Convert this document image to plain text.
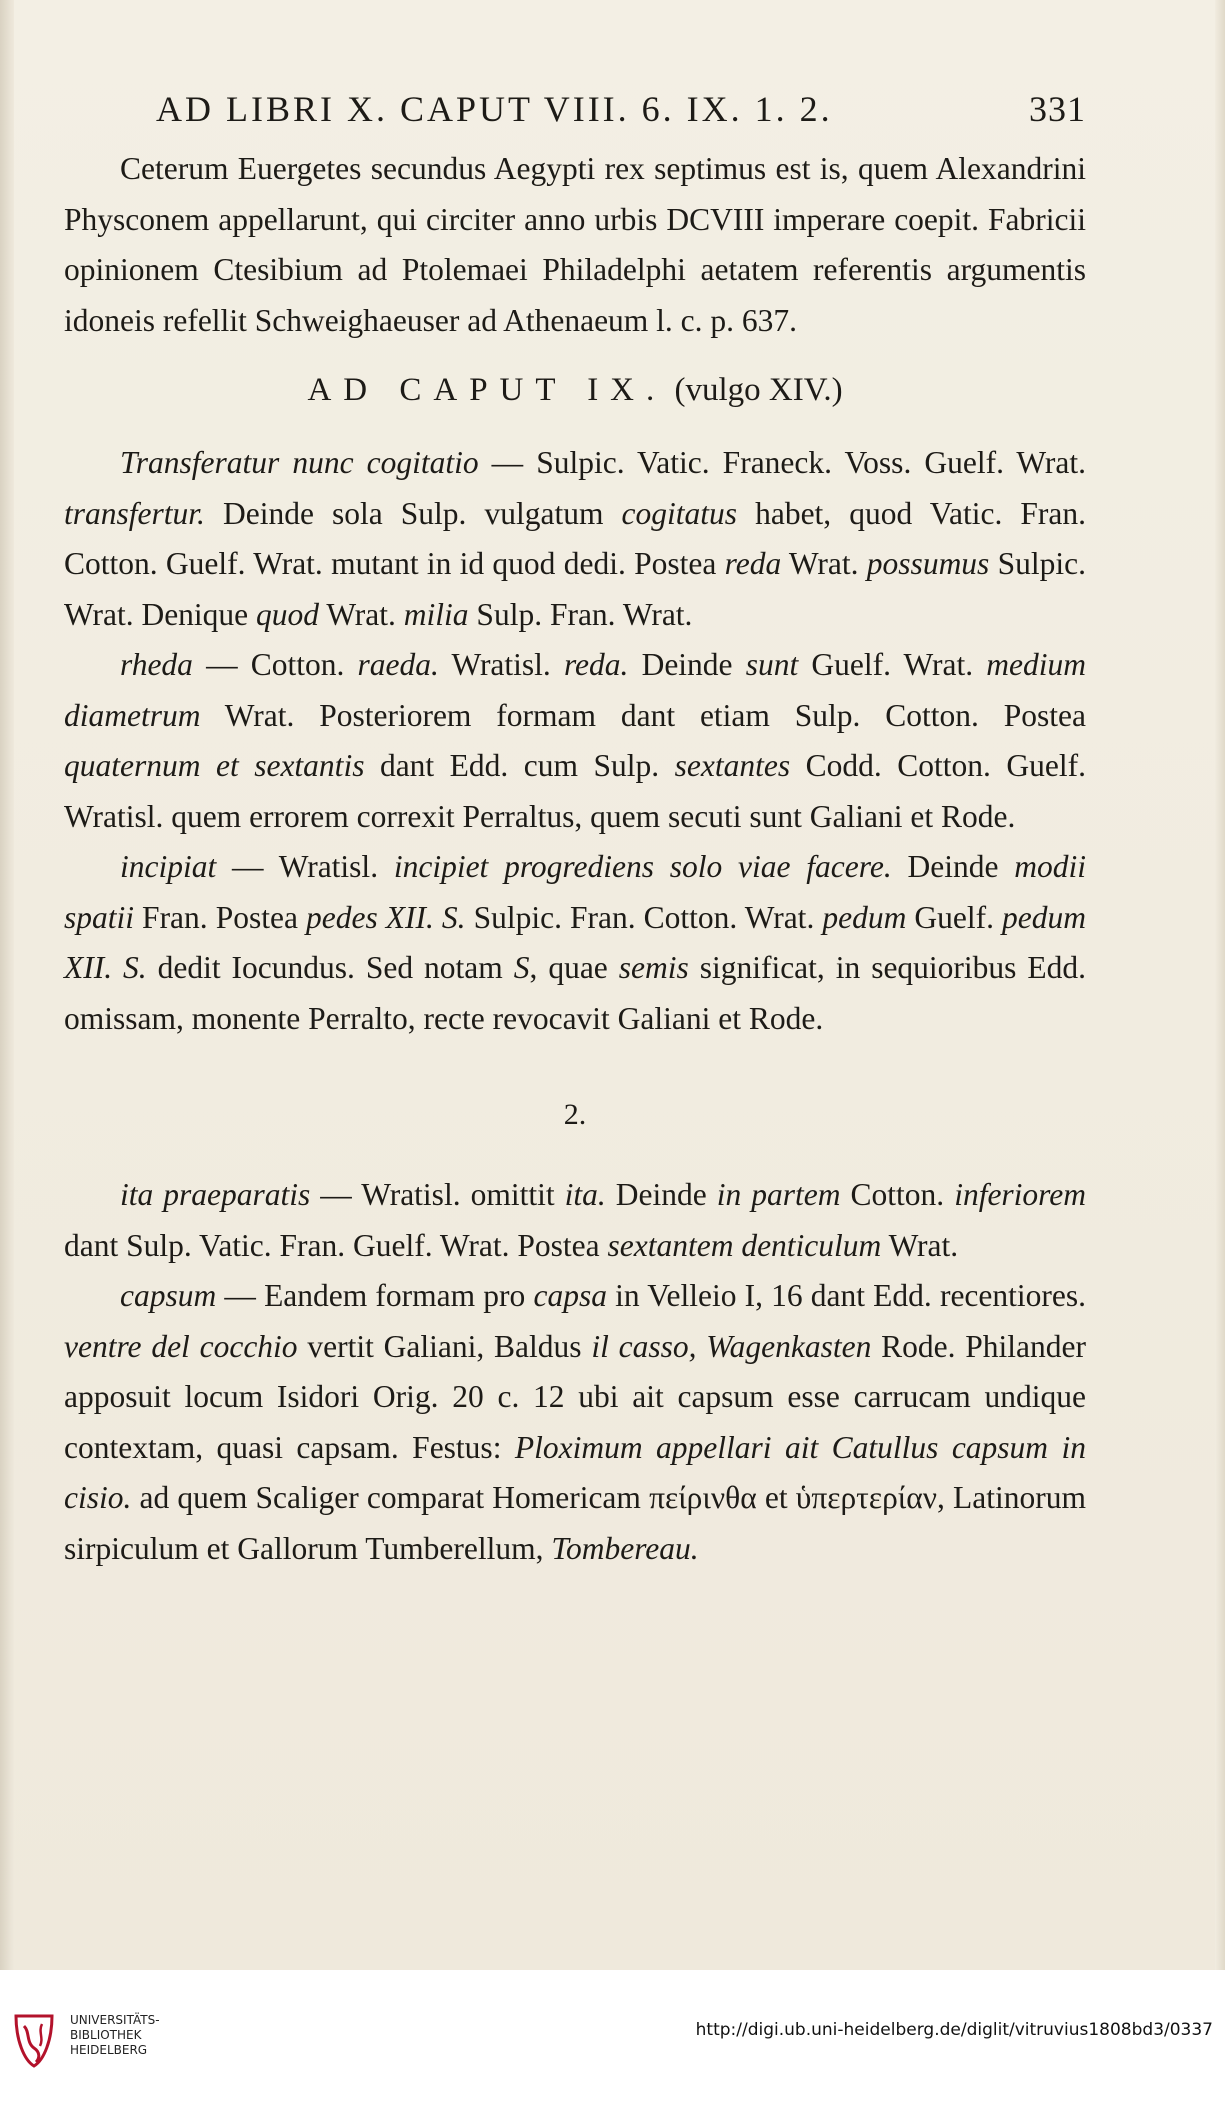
AD LIBRI X. CAPUT VIII. 6. IX. 1. 2.	331

Ceterum Euergetes secundus Aegypti rex septimus est is, quem Alexandrini Physconem appellarunt, qui circiter anno urbis DCVIII imperare coepit. Fabricii opinionem Ctesibium ad Ptolemaei Philadelphi aetatem referentis argumentis idoneis refellit Schweighaeuser ad Athenaeum l. c. p. 637.

AD CAPUT IX. (vulgo XIV.)

Transferatur nunc cogitatio — Sulpic. Vatic. Franeck. Voss. Guelf. Wrat. transfertur. Deinde sola Sulp. vulgatum cogitatus habet, quod Vatic. Fran. Cotton. Guelf. Wrat. mutant in id quod dedi. Postea reda Wrat. possumus Sulpic. Wrat. Denique quod Wrat. milia Sulp. Fran. Wrat.

rheda — Cotton. raeda. Wratisl. reda. Deinde sunt Guelf. Wrat. medium diametrum Wrat. Posteriorem formam dant etiam Sulp. Cotton. Postea quaternum et sextantis dant Edd. cum Sulp. sextantes Codd. Cotton. Guelf. Wratisl. quem errorem correxit Perraltus, quem secuti sunt Galiani et Rode.

incipiat — Wratisl. incipiet progrediens solo viae facere. Deinde modii spatii Fran. Postea pedes XII. S. Sulpic. Fran. Cotton. Wrat. pedum Guelf. pedum XII. S. dedit Iocundus. Sed notam S, quae semis significat, in sequioribus Edd. omissam, monente Perralto, recte revocavit Galiani et Rode.

2.

ita praeparatis — Wratisl. omittit ita. Deinde in partem Cotton. inferiorem dant Sulp. Vatic. Fran. Guelf. Wrat. Postea sextantem denticulum Wrat.

capsum — Eandem formam pro capsa in Velleio I, 16 dant Edd. recentiores. ventre del cocchio vertit Galiani, Baldus il casso, Wagenkasten Rode. Philander apposuit locum Isidori Orig. 20 c. 12 ubi ait capsum esse carrucam undique contextam, quasi capsam. Festus: Ploximum appellari ait Catullus capsum in cisio. ad quem Scaliger comparat Homericam πείρινθα et ὑπερτερίαν, Latinorum sirpiculum et Gallorum Tumberellum, Tombereau.

UNIVERSITÄTS-
BIBLIOTHEK
HEIDELBERG
http://digi.ub.uni-heidelberg.de/diglit/vitruvius1808bd3/0337
